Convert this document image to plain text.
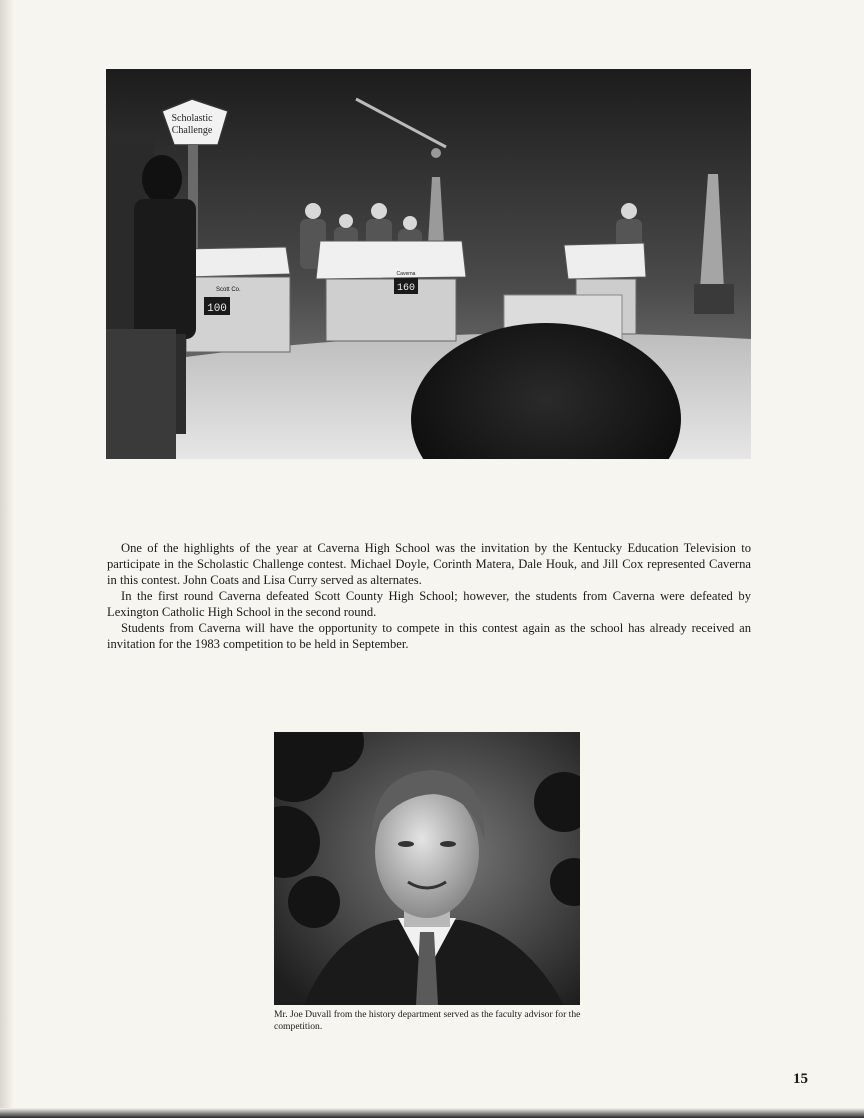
Scholastic
Challenge
Scott Co.
100
Caverna
160

One of the highlights of the year at Caverna High School was the invitation by the Kentucky Education Television to participate in the Scholastic Challenge contest. Michael Doyle, Corinth Matera, Dale Houk, and Jill Cox represented Caverna in this contest. John Coats and Lisa Curry served as alternates.

In the first round Caverna defeated Scott County High School; however, the students from Caverna were defeated by Lexington Catholic High School in the second round.

Students from Caverna will have the opportunity to compete in this contest again as the school has already received an invitation for the 1983 competition to be held in September.

Mr. Joe Duvall from the history department served as the faculty advisor for the competition.
15
